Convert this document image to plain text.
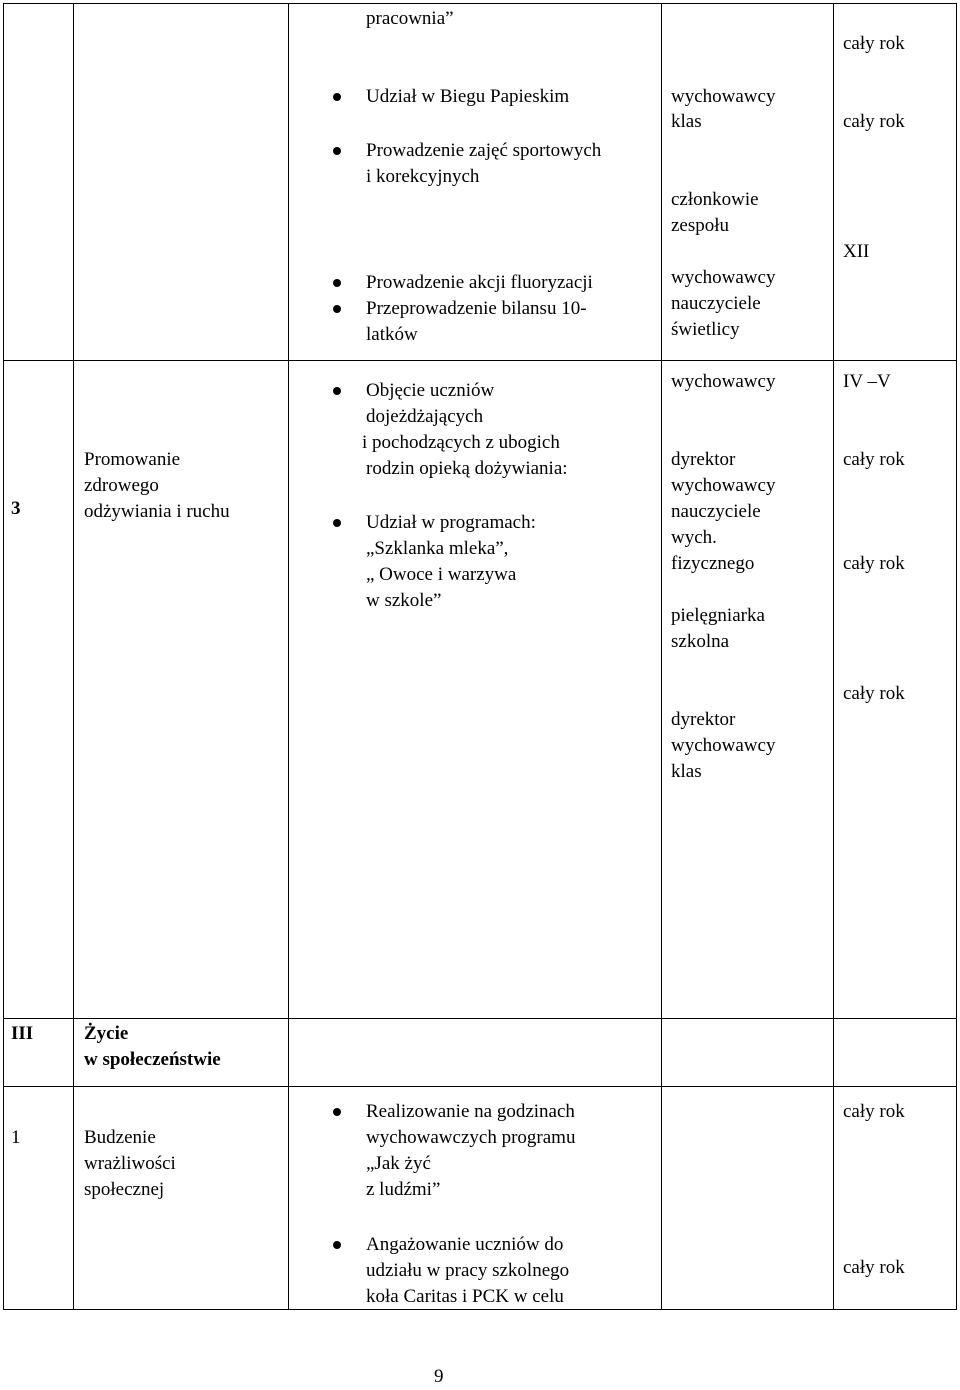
pracownia”
cały rok
Udział w Biegu Papieskim
Prowadzenie zajęć sportowych
i korekcyjnych
Prowadzenie akcji fluoryzacji
Przeprowadzenie bilansu 10-
latków
wychowawcy
klas
członkowie
zespołu
wychowawcy
nauczyciele
świetlicy
cały rok
XII
3
Promowanie
zdrowego
odżywiania i ruchu
Objęcie uczniów
dojeżdżających
i pochodzących z ubogich
rodzin opieką dożywiania:
Udział w programach:
„Szklanka mleka”,
„ Owoce i warzywa
w szkole”
wychowawcy
dyrektor
wychowawcy
nauczyciele
wych.
fizycznego
pielęgniarka
szkolna
dyrektor
wychowawcy
klas
IV –V
cały rok
cały rok
cały rok
III	Życie
w społeczeństwie
1	Budzenie
wrażliwości
społecznej
Realizowanie na godzinach
wychowawczych programu
„Jak żyć
z ludźmi”
Angażowanie uczniów do
udziału w pracy szkolnego
koła Caritas i PCK w celu
cały rok
cały rok
9
